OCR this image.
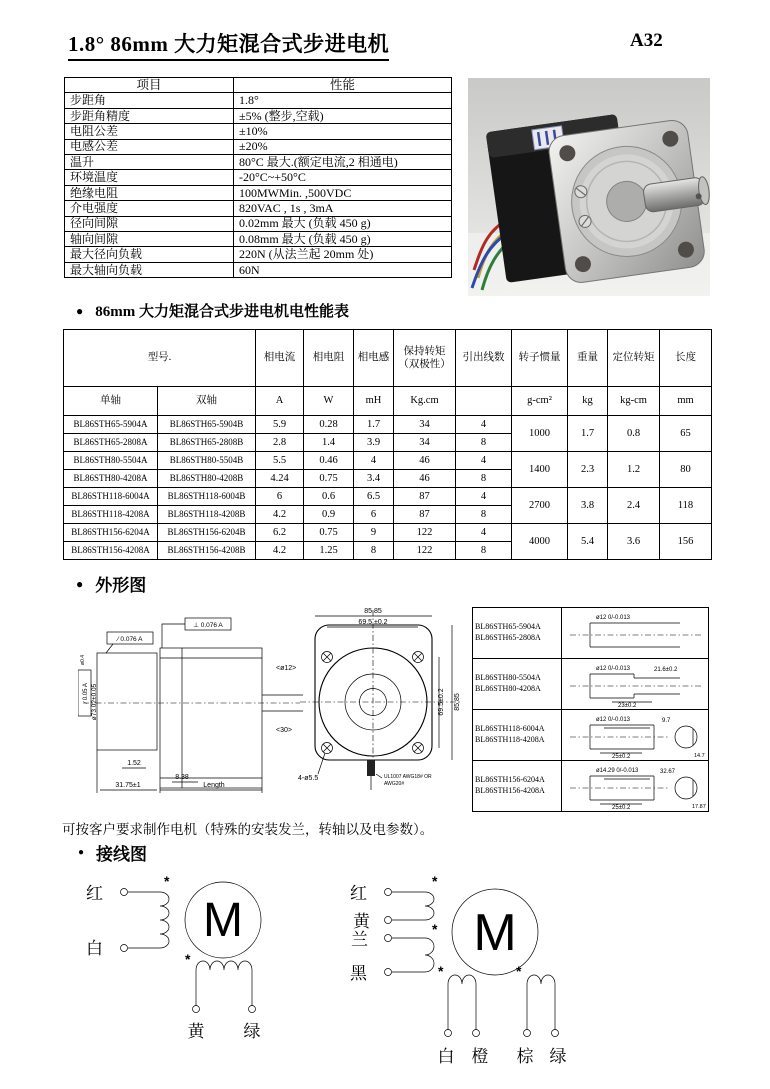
1.8° 86mm 大力矩混合式步进电机	A32
项目	性能
步距角	1.8°
步距角精度	±5% (整步,空载)
电阻公差	±10%
电感公差	±20%
温升	80°C 最大.(额定电流,2 相通电)
环境温度	-20°C~+50°C
绝缘电阻	100MWMin. ,500VDC
介电强度	820VAC , 1s , 3mA
径向间隙	0.02mm 最大 (负载 450 g)
轴向间隙	0.08mm 最大 (负载 450 g)
最大径向负载	220N (从法兰起 20mm 处)
最大轴向负载	60N
● 86mm 大力矩混合式步进电机电性能表
型号.		相电流	相电阻	相电感	保持转矩（双极性）	引出线数	转子惯量	重量	定位转矩	长度
单轴	双轴	A	W	mH	Kg.cm		g-cm²	kg	kg-cm	mm
BL86STH65-5904A	BL86STH65-5904B	5.9	0.28	1.7	34	4	1000	1.7	0.8	65
BL86STH65-2808A	BL86STH65-2808B	2.8	1.4	3.9	34	8				
BL86STH80-5504A	BL86STH80-5504B	5.5	0.46	4	46	4	1400	2.3	1.2	80
BL86STH80-4208A	BL86STH80-4208B	4.24	0.75	3.4	46	8				
BL86STH118-6004A	BL86STH118-6004B	6	0.6	6.5	87	4	2700	3.8	2.4	118
BL86STH118-4208A	BL86STH118-4208B	4.2	0.9	6	87	8				
BL86STH156-6204A	BL86STH156-6204B	6.2	0.75	9	122	4	4000	5.4	3.6	156
BL86STH156-4208A	BL86STH156-4208B	4.2	1.25	8	122	8				
● 外形图
⊥ 0.076 A
∕ 0.076 A
∕ 0.05 A
ø0.4
ø73.02±0.05
1.52
31.75±1
8.38
Length
<ø12>
<30>
85.85
69.5 ±0.2
69.5±0.2 85.85
4-ø5.5	UL1007 AWG18# OR
AWG20#
BL86STH65-5904A
BL86STH65-2808A	ø12 0/-0.013

BL86STH80-5504A
BL86STH80-4208A

ø12 0/-0.013	21.6±0.2
23±0.2

BL86STH118-6004A
BL86STH118-4208A

ø12 0/-0.013	9.7
25±0.2	14.7

BL86STH156-6204A
BL86STH156-4208A

ø14.29 0/-0.013	32.67
25±0.2	17.87
可按客户要求制作电机（特殊的安装发兰，转轴以及电参数）。
● 接线图
红
*
白
M
*
黄 绿
红
黄
兰
黑
*
* M
*	*
白 橙 棕 绿
